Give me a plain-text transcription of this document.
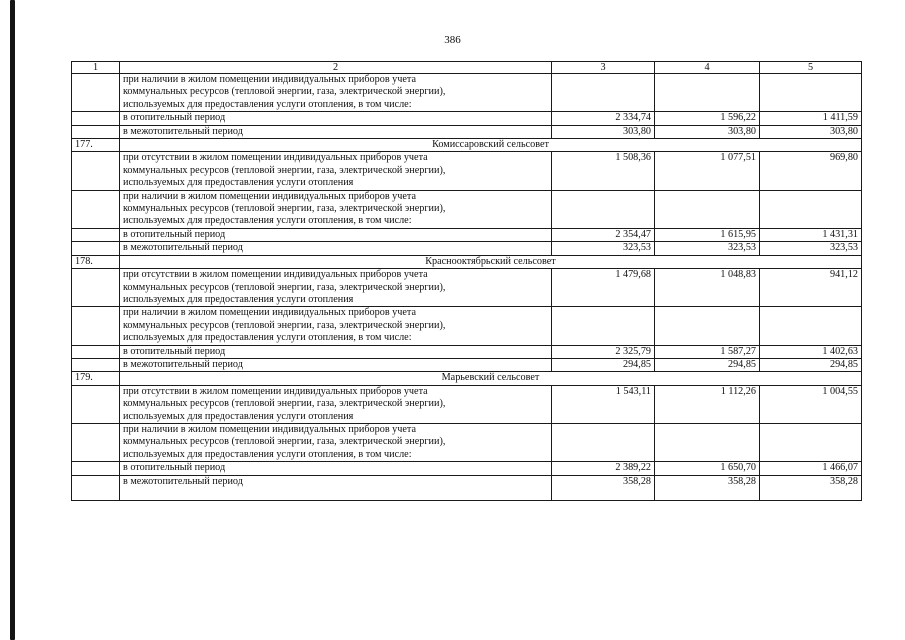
386
1	2	3	4	5

	при наличии в жилом помещении индивидуальных приборов учета
коммунальных ресурсов (тепловой энергии, газа, электрической энергии),
используемых для предоставления услуги отопления, в том числе:			

	в отопительный период	2 334,74	1 596,22	1 411,59
	в межотопительный период	303,80	303,80	303,80
177.	Комиссаровский сельсовет			

	при отсутствии в жилом помещении индивидуальных приборов учета
коммунальных ресурсов (тепловой энергии, газа, электрической энергии),
используемых для предоставления услуги отопления	1 508,36	1 077,51	969,80

	при наличии в жилом помещении индивидуальных приборов учета
коммунальных ресурсов (тепловой энергии, газа, электрической энергии),
используемых для предоставления услуги отопления, в том числе:			

	в отопительный период	2 354,47	1 615,95	1 431,31
	в межотопительный период	323,53	323,53	323,53
178.	Краснооктябрьский сельсовет			

	при отсутствии в жилом помещении индивидуальных приборов учета
коммунальных ресурсов (тепловой энергии, газа, электрической энергии),
используемых для предоставления услуги отопления	1 479,68	1 048,83	941,12

	при наличии в жилом помещении индивидуальных приборов учета
коммунальных ресурсов (тепловой энергии, газа, электрической энергии),
используемых для предоставления услуги отопления, в том числе:			

	в отопительный период	2 325,79	1 587,27	1 402,63
	в межотопительный период	294,85	294,85	294,85
179.	Марьевский сельсовет			

	при отсутствии в жилом помещении индивидуальных приборов учета
коммунальных ресурсов (тепловой энергии, газа, электрической энергии),
используемых для предоставления услуги отопления	1 543,11	1 112,26	1 004,55

	при наличии в жилом помещении индивидуальных приборов учета
коммунальных ресурсов (тепловой энергии, газа, электрической энергии),
используемых для предоставления услуги отопления, в том числе:			

	в отопительный период	2 389,22	1 650,70	1 466,07
	в межотопительный период	358,28	358,28	358,28
